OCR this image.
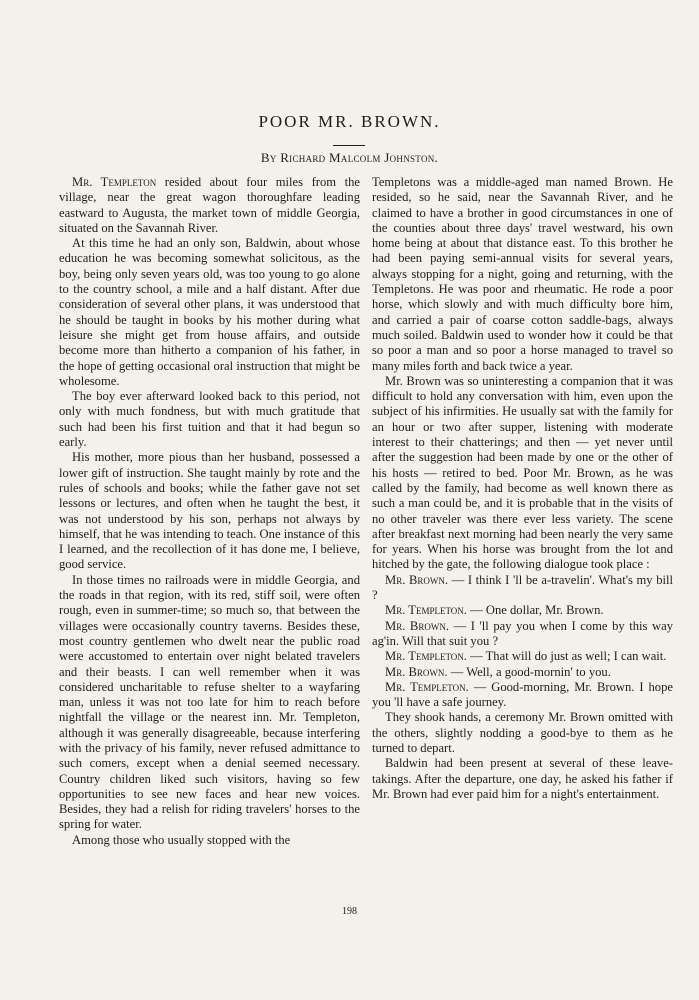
POOR MR. BROWN.
By Richard Malcolm Johnston.

Mr. Templeton resided about four miles from the village, near the great wagon thoroughfare leading eastward to Augusta, the market town of middle Georgia, situated on the Savannah River.

At this time he had an only son, Baldwin, about whose education he was becoming somewhat solicitous, as the boy, being only seven years old, was too young to go alone to the country school, a mile and a half distant. After due consideration of several other plans, it was understood that he should be taught in books by his mother during what leisure she might get from house affairs, and outside become more than hitherto a companion of his father, in the hope of getting occasional oral instruction that might be wholesome.

The boy ever afterward looked back to this period, not only with much fondness, but with much gratitude that such had been his first tuition and that it had begun so early.

His mother, more pious than her husband, possessed a lower gift of instruction. She taught mainly by rote and the rules of schools and books; while the father gave not set lessons or lectures, and often when he taught the best, it was not understood by his son, perhaps not always by himself, that he was intending to teach. One instance of this I learned, and the recollection of it has done me, I believe, good service.

In those times no railroads were in middle Georgia, and the roads in that region, with its red, stiff soil, were often rough, even in summer-time; so much so, that between the villages were occasionally country taverns. Besides these, most country gentlemen who dwelt near the public road were accustomed to entertain over night belated travelers and their beasts. I can well remember when it was considered uncharitable to refuse shelter to a wayfaring man, unless it was not too late for him to reach before nightfall the village or the nearest inn. Mr. Templeton, although it was generally disagreeable, because interfering with the privacy of his family, never refused admittance to such comers, except when a denial seemed necessary. Country children liked such visitors, having so few opportunities to see new faces and hear new voices. Besides, they had a relish for riding travelers' horses to the spring for water.

Among those who usually stopped with the

Templetons was a middle-aged man named Brown. He resided, so he said, near the Savannah River, and he claimed to have a brother in good circumstances in one of the counties about three days' travel westward, his own home being at about that distance east. To this brother he had been paying semi-annual visits for several years, always stopping for a night, going and returning, with the Templetons. He was poor and rheumatic. He rode a poor horse, which slowly and with much difficulty bore him, and carried a pair of coarse cotton saddle-bags, always much soiled. Baldwin used to wonder how it could be that so poor a man and so poor a horse managed to travel so many miles forth and back twice a year.

Mr. Brown was so uninteresting a companion that it was difficult to hold any conversation with him, even upon the subject of his infirmities. He usually sat with the family for an hour or two after supper, listening with moderate interest to their chatterings; and then — yet never until after the suggestion had been made by one or the other of his hosts — retired to bed. Poor Mr. Brown, as he was called by the family, had become as well known there as such a man could be, and it is probable that in the visits of no other traveler was there ever less variety. The scene after breakfast next morning had been nearly the very same for years. When his horse was brought from the lot and hitched by the gate, the following dialogue took place :

Mr. Brown. — I think I 'll be a-travelin'. What's my bill ?

Mr. Templeton. — One dollar, Mr. Brown.

Mr. Brown. — I 'll pay you when I come by this way ag'in. Will that suit you ?

Mr. Templeton. — That will do just as well; I can wait.

Mr. Brown. — Well, a good-mornin' to you.

Mr. Templeton. — Good-morning, Mr. Brown. I hope you 'll have a safe journey.

They shook hands, a ceremony Mr. Brown omitted with the others, slightly nodding a good-bye to them as he turned to depart.

Baldwin had been present at several of these leave-takings. After the departure, one day, he asked his father if Mr. Brown had ever paid him for a night's entertainment.

198
